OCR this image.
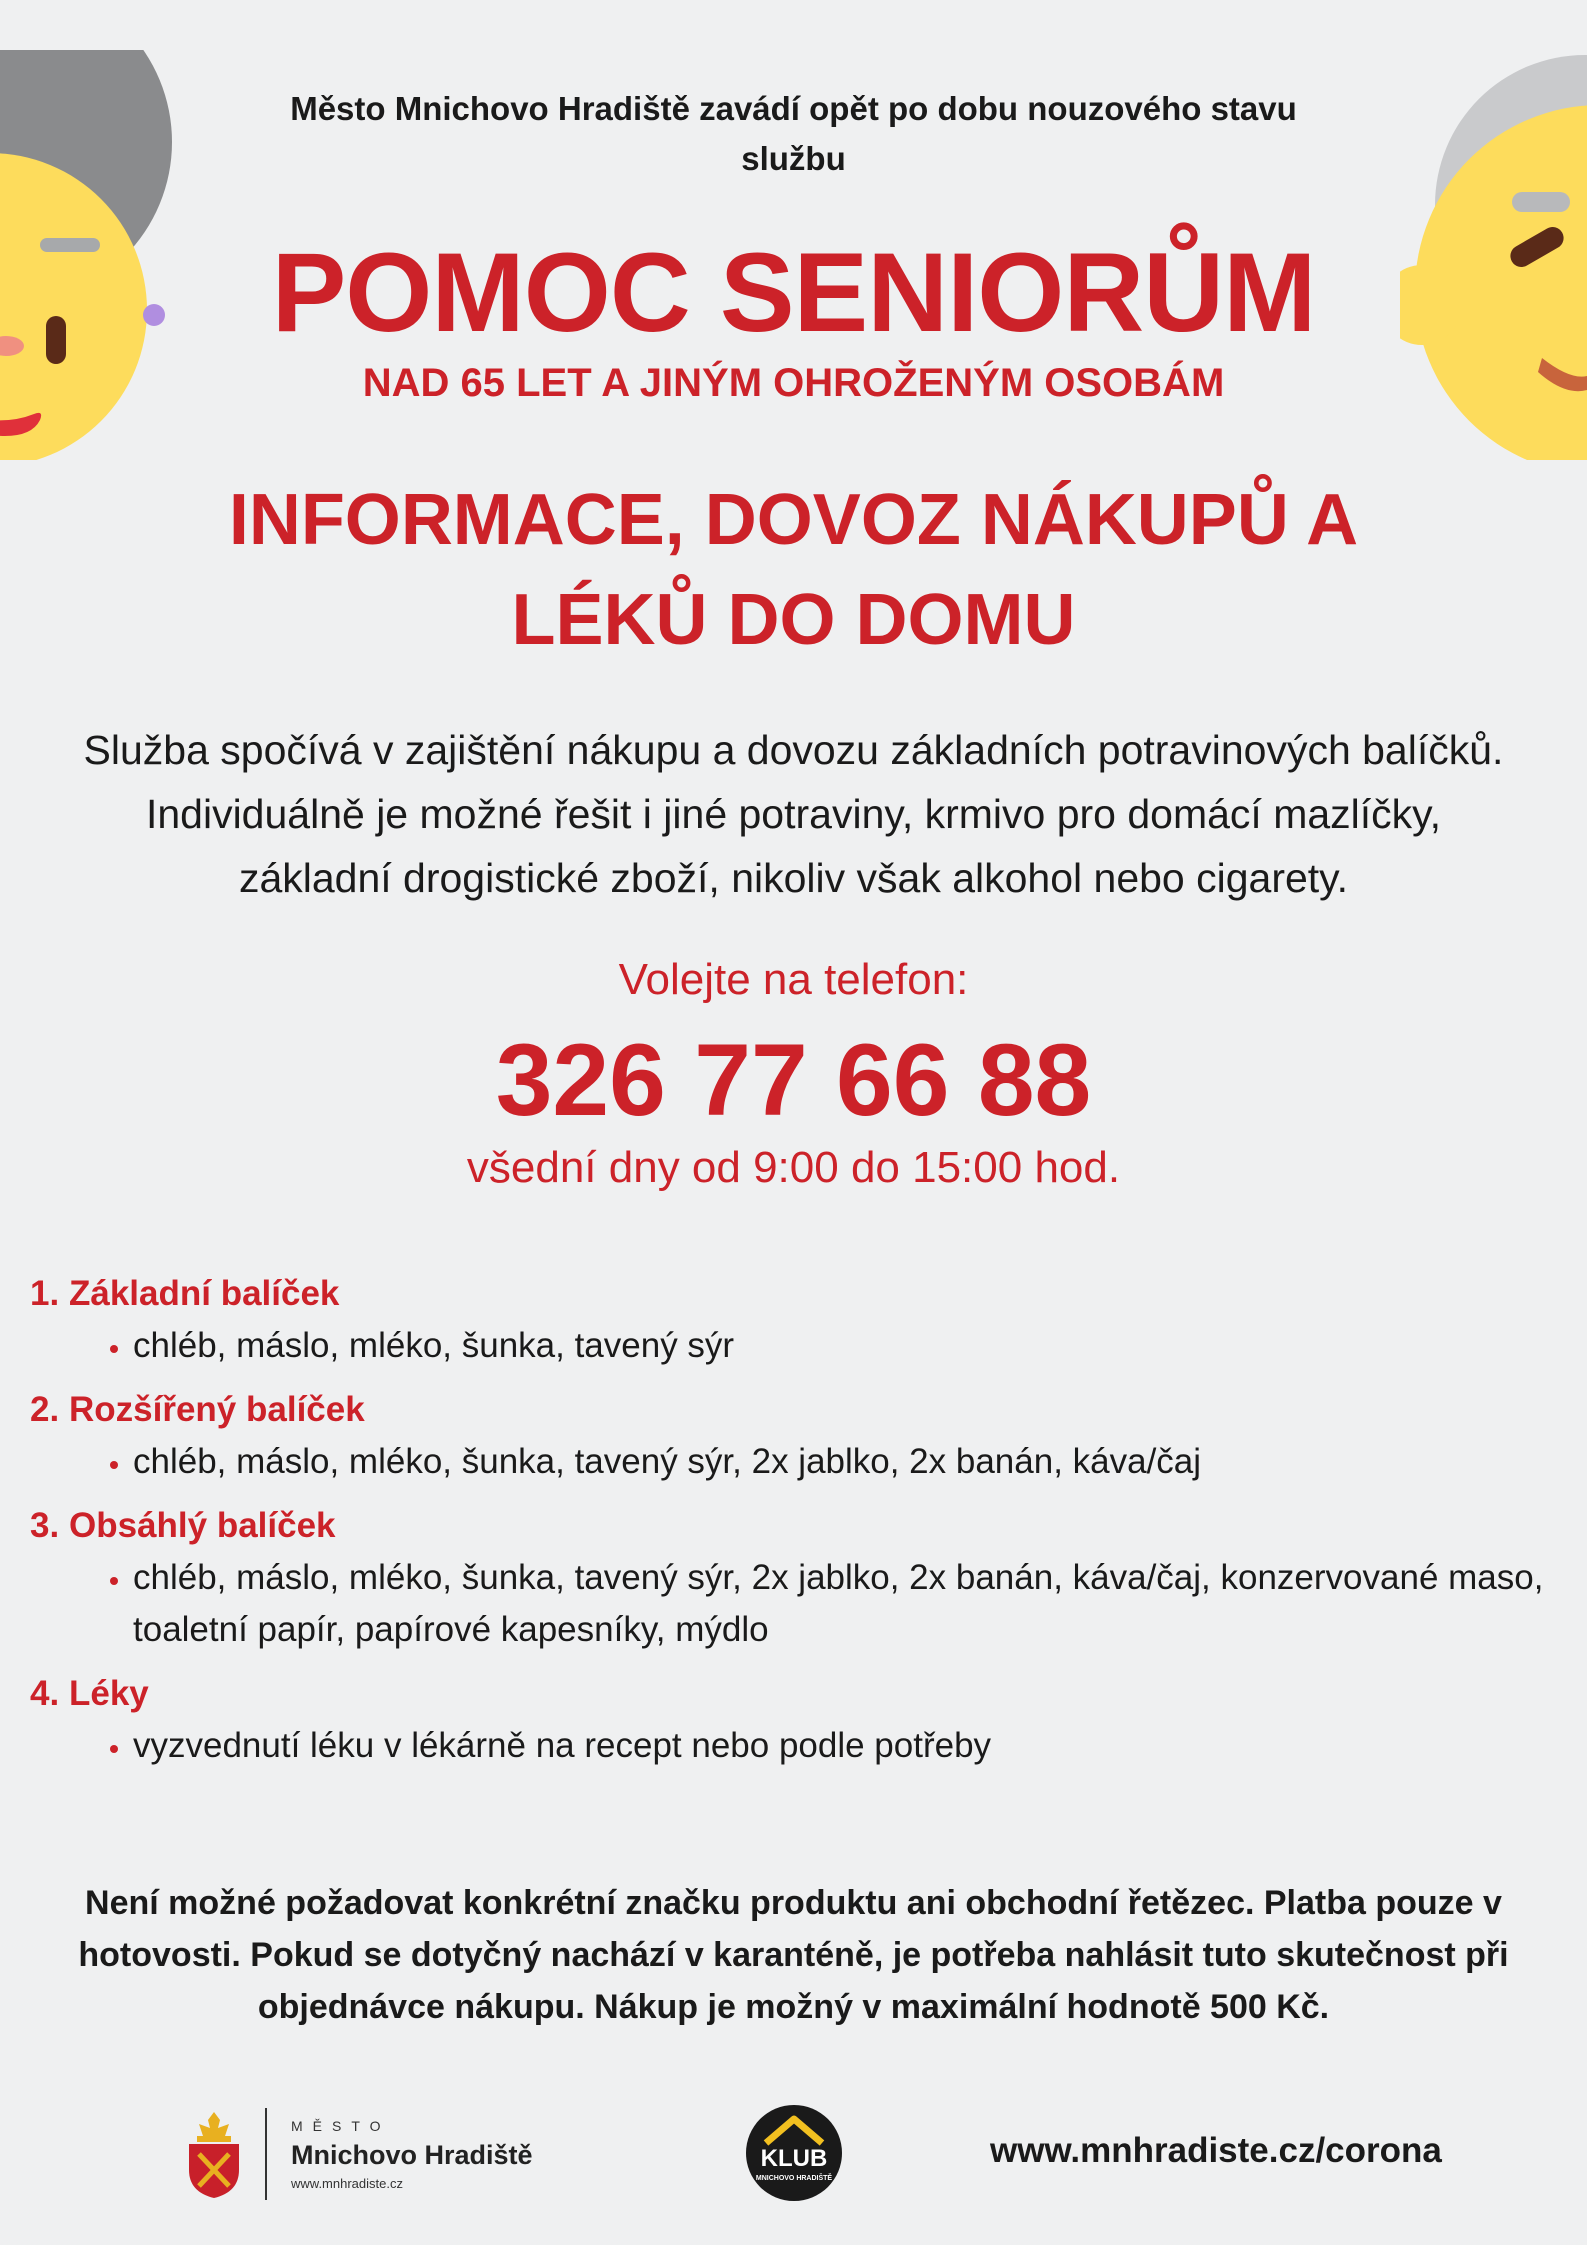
Město Mnichovo Hradiště zavádí opět po dobu nouzového stavu službu
POMOC SENIORŮM
NAD 65 LET A JINÝM OHROŽENÝM OSOBÁM
INFORMACE, DOVOZ NÁKUPŮ A LÉKŮ DO DOMU
Služba spočívá v zajištění nákupu a dovozu základních potravinových balíčků. Individuálně je možné řešit i jiné potraviny, krmivo pro domácí mazlíčky, základní drogistické zboží, nikoliv však alkohol nebo cigarety.
Volejte na telefon:
326 77 66 88
všední dny od 9:00 do 15:00 hod.
1. Základní balíček
• chléb, máslo, mléko, šunka, tavený sýr
2. Rozšířený balíček
• chléb, máslo, mléko, šunka, tavený sýr, 2x jablko, 2x banán, káva/čaj
3. Obsáhlý balíček
• chléb, máslo, mléko, šunka, tavený sýr, 2x jablko, 2x banán, káva/čaj, konzervované maso, toaletní papír, papírové kapesníky, mýdlo
4. Léky
• vyzvednutí léku v lékárně na recept nebo podle potřeby
Není možné požadovat konkrétní značku produktu ani obchodní řetězec. Platba pouze v hotovosti. Pokud se dotyčný nachází v karanténě, je potřeba nahlásit tuto skutečnost při objednávce nákupu. Nákup je možný v maximální hodnotě 500 Kč.
MĚSTO
Mnichovo Hradiště
www.mnhradiste.cz
KLUB
MNICHOVO HRADIŠTĚ
www.mnhradiste.cz/corona
